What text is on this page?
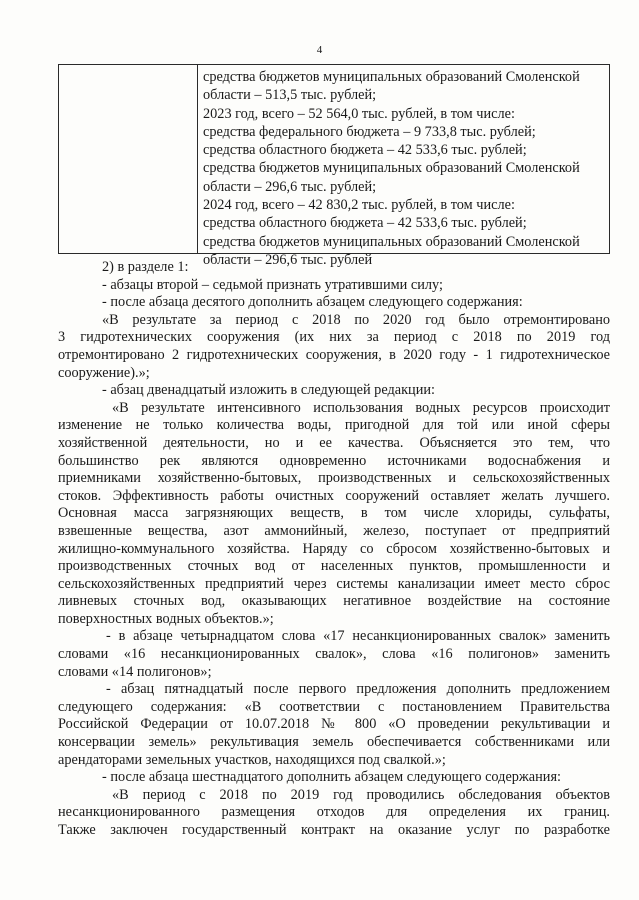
4
средства бюджетов муниципальных образований Смоленской
области – 513,5 тыс. рублей;
2023 год, всего – 52 564,0 тыс. рублей, в том числе:
средства федерального бюджета – 9 733,8 тыс. рублей;
средства областного бюджета – 42 533,6 тыс. рублей;
средства бюджетов муниципальных образований Смоленской
области – 296,6 тыс. рублей;
2024 год, всего – 42 830,2 тыс. рублей, в том числе:
средства областного бюджета – 42 533,6 тыс. рублей;
средства бюджетов муниципальных образований Смоленской
области – 296,6 тыс. рублей
2) в разделе 1:
- абзацы второй – седьмой признать утратившими силу;
- после абзаца десятого дополнить абзацем следующего содержания:
«В результате за период с 2018 по 2020 год было отремонтировано
3 гидротехнических сооружения (их них за период с 2018 по 2019 год
отремонтировано 2 гидротехнических сооружения, в 2020 году - 1 гидротехническое
сооружение).»;
- абзац двенадцатый изложить в следующей редакции:
«В результате интенсивного использования водных ресурсов происходит
изменение не только количества воды, пригодной для той или иной сферы
хозяйственной деятельности, но и ее качества. Объясняется это тем, что
большинство рек являются одновременно источниками водоснабжения и
приемниками хозяйственно-бытовых, производственных и сельскохозяйственных
стоков. Эффективность работы очистных сооружений оставляет желать лучшего.
Основная масса загрязняющих веществ, в том числе хлориды, сульфаты,
взвешенные вещества, азот аммонийный, железо, поступает от предприятий
жилищно-коммунального хозяйства. Наряду со сбросом хозяйственно-бытовых и
производственных сточных вод от населенных пунктов, промышленности и
сельскохозяйственных предприятий через системы канализации имеет место сброс
ливневых сточных вод, оказывающих негативное воздействие на состояние
поверхностных водных объектов.»;
- в абзаце четырнадцатом слова «17 несанкционированных свалок» заменить
словами «16 несанкционированных свалок», слова «16 полигонов» заменить
словами «14 полигонов»;
- абзац пятнадцатый после первого предложения дополнить предложением
следующего содержания: «В соответствии с постановлением Правительства
Российской Федерации от 10.07.2018 № 800 «О проведении рекультивации и
консервации земель» рекультивация земель обеспечивается собственниками или
арендаторами земельных участков, находящихся под свалкой.»;
- после абзаца шестнадцатого дополнить абзацем следующего содержания:
«В период с 2018 по 2019 год проводились обследования объектов
несанкционированного размещения отходов для определения их границ.
Также заключен государственный контракт на оказание услуг по разработке
